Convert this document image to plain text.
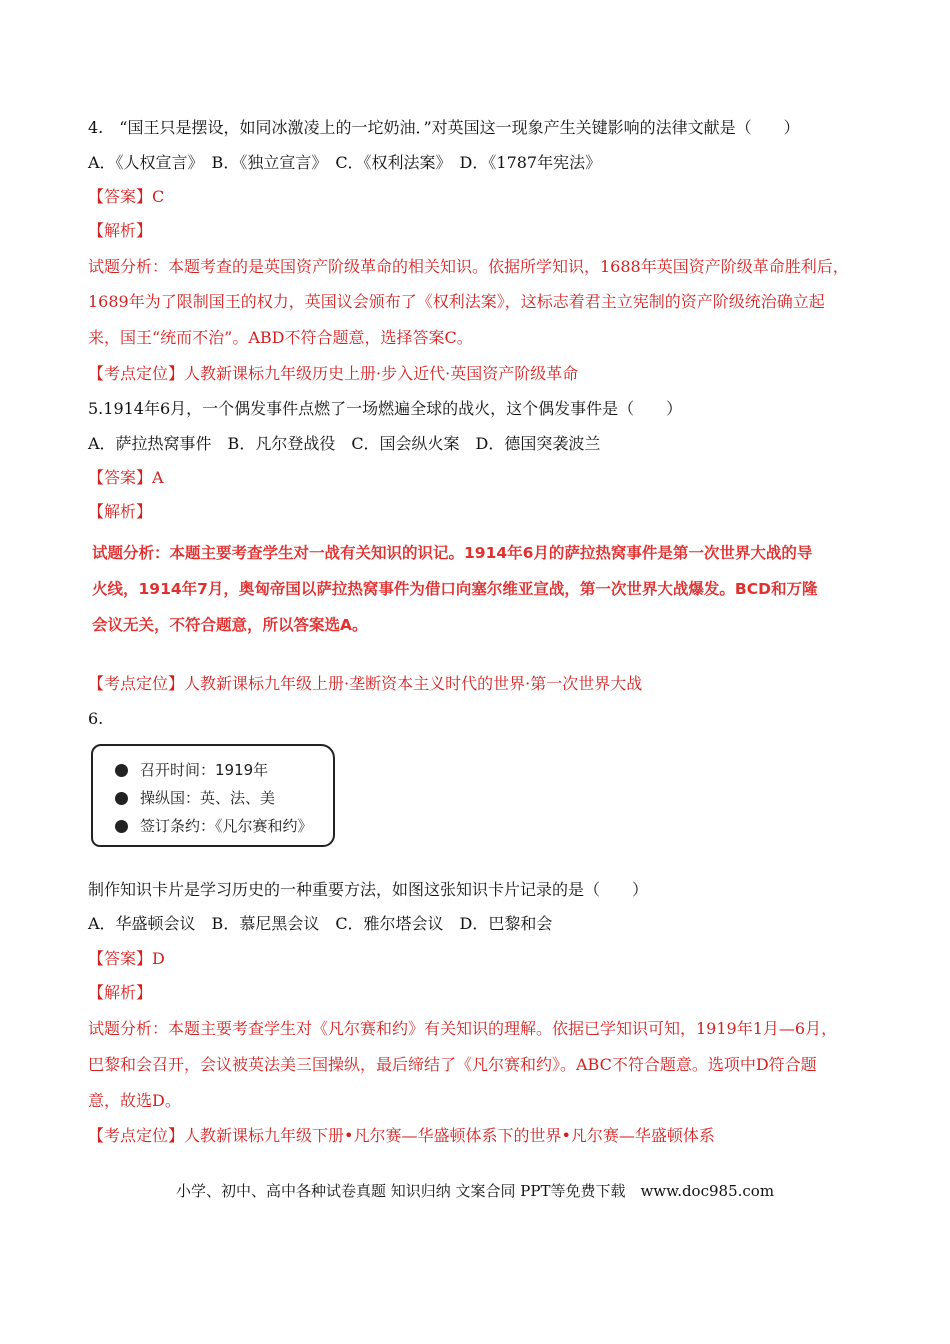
4.　“国王只是摆设，如同冰激凌上的一坨奶油．”对英国这一现象产生关键影响的法律文献是（　　）
A．《人权宣言》　B．《独立宣言》　C．《权利法案》　D．《1787年宪法》
【答案】C
【解析】
试题分析：本题考查的是英国资产阶级革命的相关知识。依据所学知识，1688年英国资产阶级革命胜利后，
1689年为了限制国王的权力，英国议会颁布了《权利法案》，这标志着君主立宪制的资产阶级统治确立起
来，国王“统而不治”。ABD不符合题意，选择答案C。
【考点定位】人教新课标九年级历史上册·步入近代·英国资产阶级革命
5.1914年6月，一个偶发事件点燃了一场燃遍全球的战火，这个偶发事件是（　　）
A．萨拉热窝事件　B．凡尔登战役　C．国会纵火案　D．德国突袭波兰
【答案】A
【解析】
试题分析：本题主要考查学生对一战有关知识的识记。1914年6月的萨拉热窝事件是第一次世界大战的导
火线，1914年7月，奥匈帝国以萨拉热窝事件为借口向塞尔维亚宣战，第一次世界大战爆发。BCD和万隆
会议无关，不符合题意，所以答案选A。
【考点定位】人教新课标九年级上册·垄断资本主义时代的世界·第一次世界大战
6.
召开时间：1919年
操纵国：英、法、美
签订条约：《凡尔赛和约》
制作知识卡片是学习历史的一种重要方法，如图这张知识卡片记录的是（　　）
A．华盛顿会议　B．慕尼黑会议　C．雅尔塔会议　D．巴黎和会
【答案】D
【解析】
试题分析：本题主要考查学生对《凡尔赛和约》有关知识的理解。依据已学知识可知，1919年1月—6月，
巴黎和会召开，会议被英法美三国操纵，最后缔结了《凡尔赛和约》。ABC不符合题意。选项中D符合题
意，故选D。
【考点定位】人教新课标九年级下册•凡尔赛—华盛顿体系下的世界•凡尔赛—华盛顿体系
小学、初中、高中各种试卷真题 知识归纳 文案合同 PPT等免费下载　www.doc985.com
